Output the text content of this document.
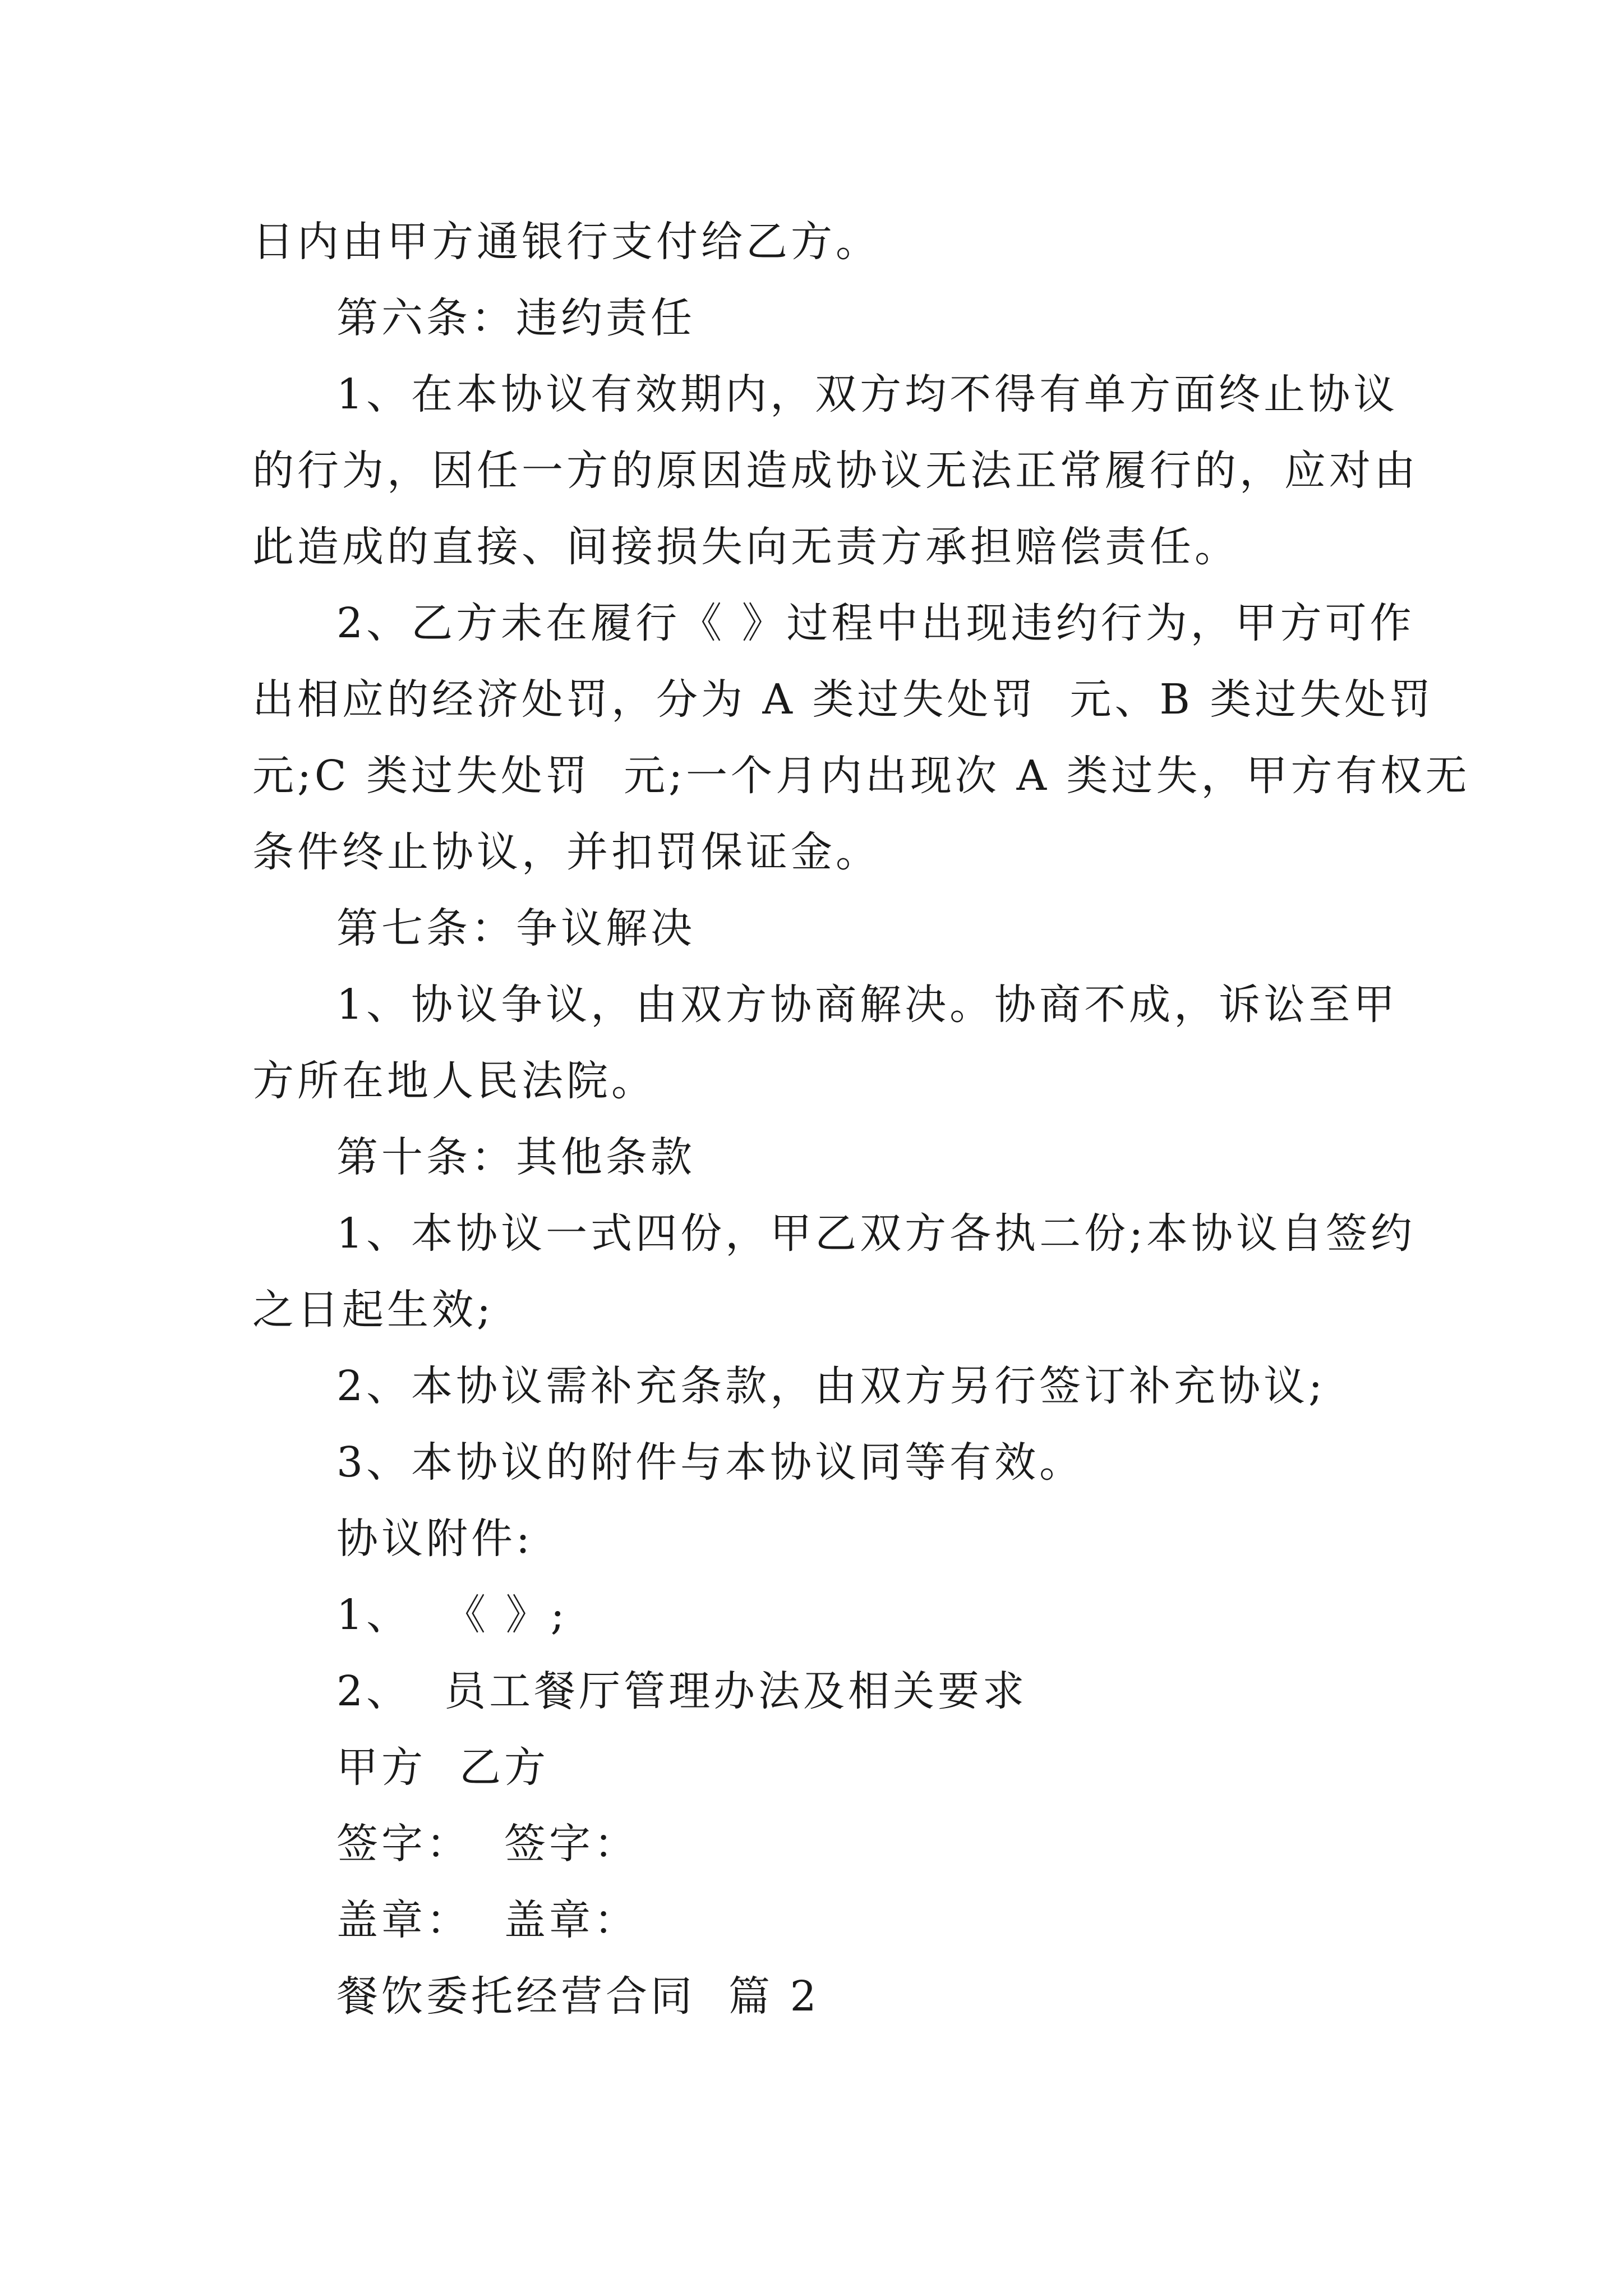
日内由甲方通银行支付给乙方。
第六条：违约责任
1、在本协议有效期内，双方均不得有单方面终止协议
的行为，因任一方的原因造成协议无法正常履行的，应对由
此造成的直接、间接损失向无责方承担赔偿责任。
2、乙方未在履行《 》过程中出现违约行为，甲方可作
出相应的经济处罚，分为 A 类过失处罚  元、B 类过失处罚
元;C 类过失处罚  元;一个月内出现次 A 类过失，甲方有权无
条件终止协议，并扣罚保证金。
第七条：争议解决
1、协议争议，由双方协商解决。协商不成，诉讼至甲
方所在地人民法院。
第十条：其他条款
1、本协议一式四份，甲乙双方各执二份;本协议自签约
之日起生效;
2、本协议需补充条款，由双方另行签订补充协议;
3、本协议的附件与本协议同等有效。
协议附件:
1、  《 》;
2、  员工餐厅管理办法及相关要求
甲方  乙方
签字：  签字：
盖章：  盖章：
餐饮委托经营合同  篇 2
